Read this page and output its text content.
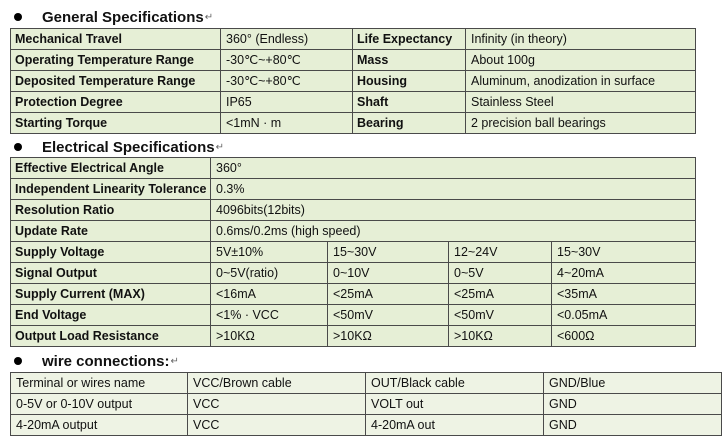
General Specifications ↵
Mechanical Travel	360° (Endless)	Life Expectancy	Infinity (in theory)
Operating Temperature Range	-30℃~+80℃	Mass	About 100g
Deposited Temperature Range	-30℃~+80℃	Housing	Aluminum, anodization in surface
Protection Degree	IP65	Shaft	Stainless Steel
Starting Torque	<1mN · m	Bearing	2 precision ball bearings
Electrical Specifications ↵
Effective Electrical Angle	360°			
Independent Linearity Tolerance	0.3%			
Resolution Ratio	4096bits(12bits)			
Update Rate	0.6ms/0.2ms (high speed)			
Supply Voltage	5V±10%	15~30V	12~24V	15~30V
Signal Output	0~5V(ratio)	0~10V	0~5V	4~20mA
Supply Current (MAX)	<16mA	<25mA	<25mA	<35mA
End Voltage	<1% · VCC	<50mV	<50mV	<0.05mA
Output Load Resistance	>10KΩ	>10KΩ	>10KΩ	<600Ω
wire connections: ↵
Terminal or wires name	VCC/Brown cable	OUT/Black cable	GND/Blue
0-5V or 0-10V output	VCC	VOLT out	GND
4-20mA output	VCC	4-20mA out	GND
